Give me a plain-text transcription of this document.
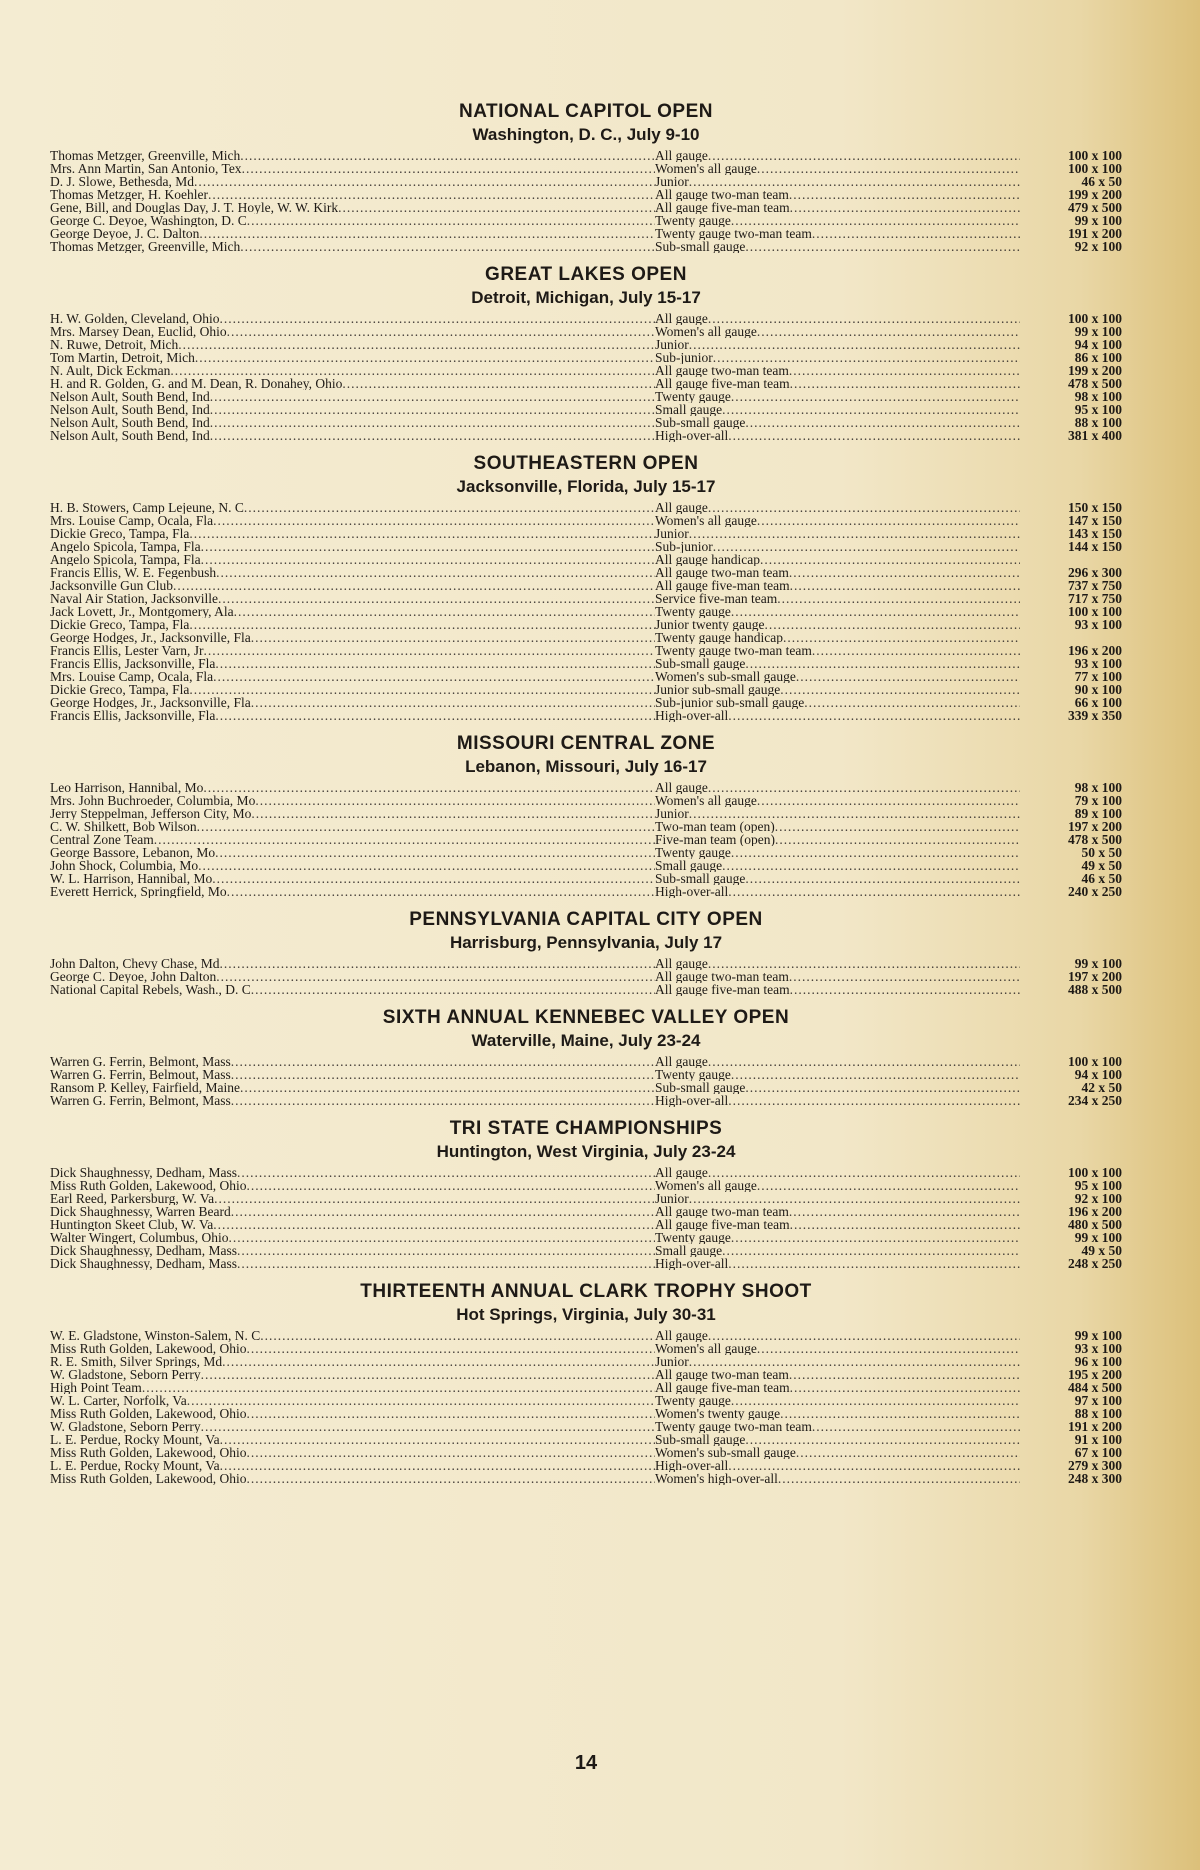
NATIONAL CAPITOL OPEN
Washington, D. C., July 9-10
Thomas Metzger, Greenville, Mich .....	All gauge .....	100 x 100
Mrs. Ann Martin, San Antonio, Tex .....	Women's all gauge .....	100 x 100
D. J. Slowe, Bethesda, Md .....	Junior .....	46 x 50
Thomas Metzger, H. Koehler .....	All gauge two-man team .....	199 x 200
Gene, Bill, and Douglas Day, J. T. Hoyle, W. W. Kirk .....	All gauge five-man team .....	479 x 500
George C. Deyoe, Washington, D. C .....	Twenty gauge .....	99 x 100
George Deyoe, J. C. Dalton .....	Twenty gauge two-man team .....	191 x 200
Thomas Metzger, Greenville, Mich .....	Sub-small gauge .....	92 x 100
GREAT LAKES OPEN
Detroit, Michigan, July 15-17
H. W. Golden, Cleveland, Ohio .....	All gauge .....	100 x 100
Mrs. Marsey Dean, Euclid, Ohio .....	Women's all gauge .....	99 x 100
N. Ruwe, Detroit, Mich .....	Junior .....	94 x 100
Tom Martin, Detroit, Mich .....	Sub-junior .....	86 x 100
N. Ault, Dick Eckman .....	All gauge two-man team .....	199 x 200
H. and R. Golden, G. and M. Dean, R. Donahey, Ohio .....	All gauge five-man team .....	478 x 500
Nelson Ault, South Bend, Ind .....	Twenty gauge .....	98 x 100
Nelson Ault, South Bend, Ind .....	Small gauge .....	95 x 100
Nelson Ault, South Bend, Ind .....	Sub-small gauge .....	88 x 100
Nelson Ault, South Bend, Ind .....	High-over-all .....	381 x 400
SOUTHEASTERN OPEN
Jacksonville, Florida, July 15-17
H. B. Stowers, Camp Lejeune, N. C .....	All gauge .....	150 x 150
Mrs. Louise Camp, Ocala, Fla .....	Women's all gauge .....	147 x 150
Dickie Greco, Tampa, Fla .....	Junior .....	143 x 150
Angelo Spicola, Tampa, Fla .....	Sub-junior .....	144 x 150
Angelo Spicola, Tampa, Fla .....	All gauge handicap
.....
Francis Ellis, W. E. Fegenbush .....	All gauge two-man team .....	296 x 300
Jacksonville Gun Club .....	All gauge five-man team .....	737 x 750
Naval Air Station, Jacksonville .....	Service five-man team .....	717 x 750
Jack Lovett, Jr., Montgomery, Ala .....	Twenty gauge .....	100 x 100
Dickie Greco, Tampa, Fla .....	Junior twenty gauge .....	93 x 100
George Hodges, Jr., Jacksonville, Fla .....	Twenty gauge handicap
.....
Francis Ellis, Lester Varn, Jr .....	Twenty gauge two-man team .....	196 x 200
Francis Ellis, Jacksonville, Fla .....	Sub-small gauge .....	93 x 100
Mrs. Louise Camp, Ocala, Fla .....	Women's sub-small gauge .....	77 x 100
Dickie Greco, Tampa, Fla .....	Junior sub-small gauge .....	90 x 100
George Hodges, Jr., Jacksonville, Fla .....	Sub-junior sub-small gauge .....	66 x 100
Francis Ellis, Jacksonville, Fla .....	High-over-all .....	339 x 350
MISSOURI CENTRAL ZONE
Lebanon, Missouri, July 16-17
Leo Harrison, Hannibal, Mo .....	All gauge .....	98 x 100
Mrs. John Buchroeder, Columbia, Mo .....	Women's all gauge .....	79 x 100
Jerry Steppelman, Jefferson City, Mo .....	Junior .....	89 x 100
C. W. Shilkett, Bob Wilson .....	Two-man team (open) .....	197 x 200
Central Zone Team .....	Five-man team (open) .....	478 x 500
George Bassore, Lebanon, Mo .....	Twenty gauge .....	50 x 50
John Shock, Columbia, Mo .....	Small gauge .....	49 x 50
W. L. Harrison, Hannibal, Mo .....	Sub-small gauge .....	46 x 50
Everett Herrick, Springfield, Mo .....	High-over-all .....	240 x 250
PENNSYLVANIA CAPITAL CITY OPEN
Harrisburg, Pennsylvania, July 17
John Dalton, Chevy Chase, Md .....	All gauge .....	99 x 100
George C. Deyoe, John Dalton .....	All gauge two-man team .....	197 x 200
National Capital Rebels, Wash., D. C .....	All gauge five-man team .....	488 x 500
SIXTH ANNUAL KENNEBEC VALLEY OPEN
Waterville, Maine, July 23-24
Warren G. Ferrin, Belmont, Mass .....	All gauge .....	100 x 100
Warren G. Ferrin, Belmout, Mass .....	Twenty gauge .....	94 x 100
Ransom P. Kelley, Fairfield, Maine .....	Sub-small gauge .....	42 x 50
Warren G. Ferrin, Belmont, Mass .....	High-over-all .....	234 x 250
TRI STATE CHAMPIONSHIPS
Huntington, West Virginia, July 23-24
Dick Shaughnessy, Dedham, Mass .....	All gauge .....	100 x 100
Miss Ruth Golden, Lakewood, Ohio .....	Women's all gauge .....	95 x 100
Earl Reed, Parkersburg, W. Va .....	Junior .....	92 x 100
Dick Shaughnessy, Warren Beard .....	All gauge two-man team .....	196 x 200
Huntington Skeet Club, W. Va .....	All gauge five-man team .....	480 x 500
Walter Wingert, Columbus, Ohio .....	Twenty gauge .....	99 x 100
Dick Shaughnessy, Dedham, Mass .....	Small gauge .....	49 x 50
Dick Shaughnessy, Dedham, Mass .....	High-over-all .....	248 x 250
THIRTEENTH ANNUAL CLARK TROPHY SHOOT
Hot Springs, Virginia, July 30-31
W. E. Gladstone, Winston-Salem, N. C .....	All gauge .....	99 x 100
Miss Ruth Golden, Lakewood, Ohio .....	Women's all gauge .....	93 x 100
R. E. Smith, Silver Springs, Md .....	Junior .....	96 x 100
W. Gladstone, Seborn Perry .....	All gauge two-man team .....	195 x 200
High Point Team .....	All gauge five-man team .....	484 x 500
W. L. Carter, Norfolk, Va .....	Twenty gauge .....	97 x 100
Miss Ruth Golden, Lakewood, Ohio .....	Women's twenty gauge .....	88 x 100
W. Gladstone, Seborn Perry .....	Twenty gauge two-man team .....	191 x 200
L. E. Perdue, Rocky Mount, Va .....	Sub-small gauge .....	91 x 100
Miss Ruth Golden, Lakewood, Ohio .....	Women's sub-small gauge .....	67 x 100
L. E. Perdue, Rocky Mount, Va .....	High-over-all .....	279 x 300
Miss Ruth Golden, Lakewood, Ohio .....	Women's high-over-all .....	248 x 300
14
